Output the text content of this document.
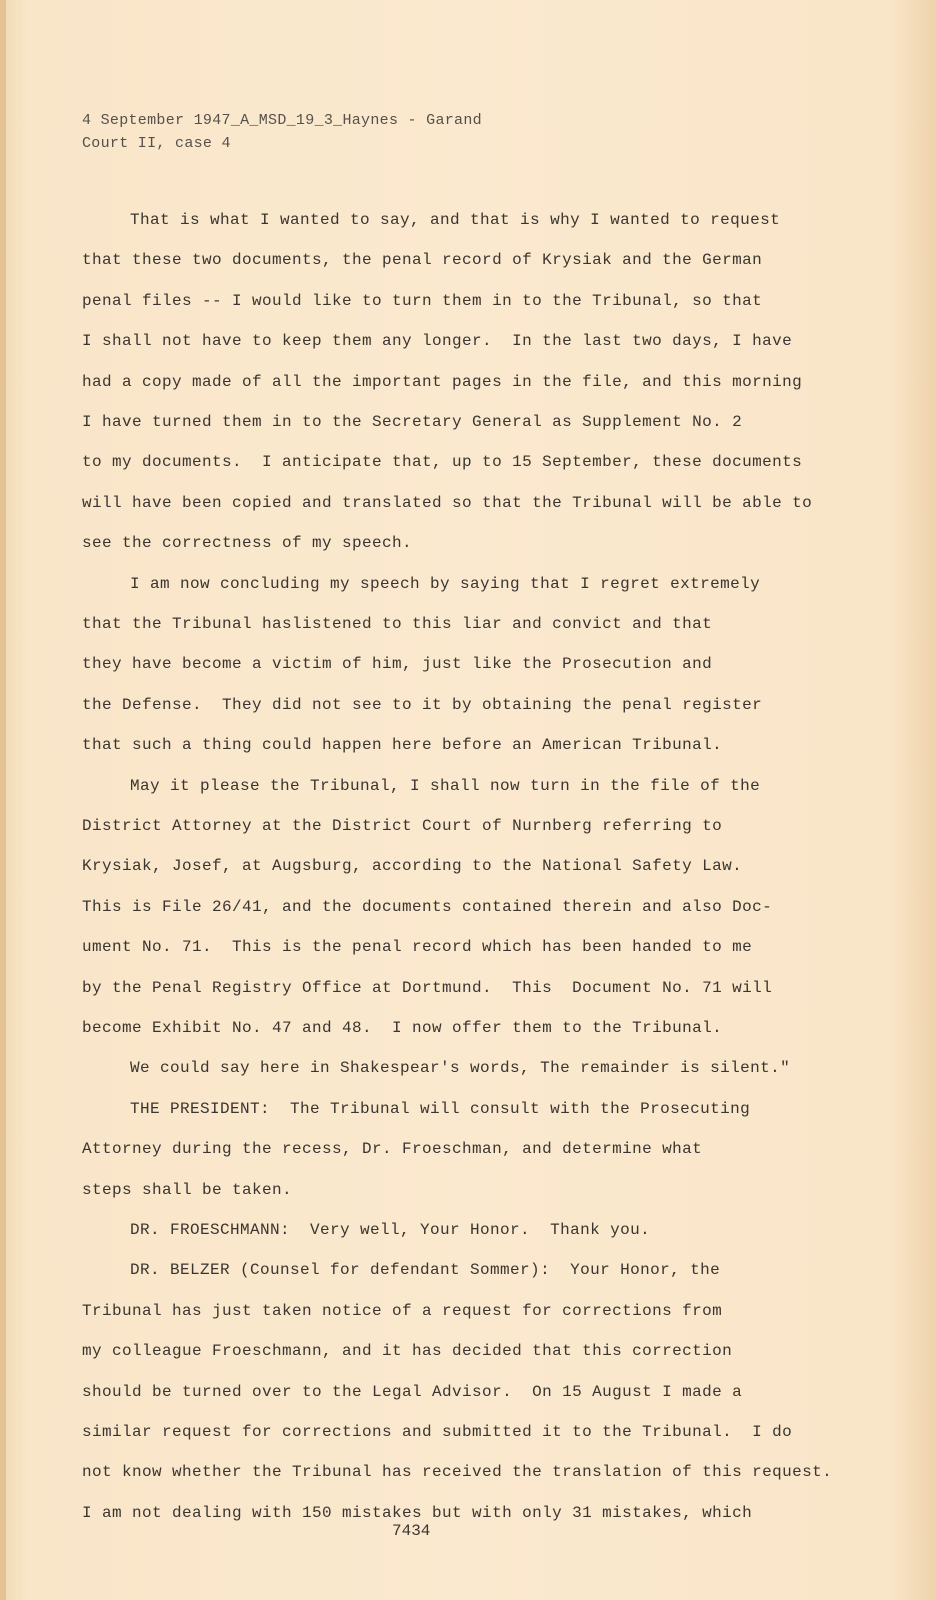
4 September 1947_A_MSD_19_3_Haynes - Garand
Court II, case 4
That is what I wanted to say, and that is why I wanted to request
that these two documents, the penal record of Krysiak and the German
penal files -- I would like to turn them in to the Tribunal, so that
I shall not have to keep them any longer.  In the last two days, I have
had a copy made of all the important pages in the file, and this morning
I have turned them in to the Secretary General as Supplement No. 2
to my documents.  I anticipate that, up to 15 September, these documents
will have been copied and translated so that the Tribunal will be able to
see the correctness of my speech.
I am now concluding my speech by saying that I regret extremely
that the Tribunal haslistened to this liar and convict and that
they have become a victim of him, just like the Prosecution and
the Defense.  They did not see to it by obtaining the penal register
that such a thing could happen here before an American Tribunal.
May it please the Tribunal, I shall now turn in the file of the
District Attorney at the District Court of Nurnberg referring to
Krysiak, Josef, at Augsburg, according to the National Safety Law.
This is File 26/41, and the documents contained therein and also Doc-
ument No. 71.  This is the penal record which has been handed to me
by the Penal Registry Office at Dortmund.  This  Document No. 71 will
become Exhibit No. 47 and 48.  I now offer them to the Tribunal.
We could say here in Shakespear's words, The remainder is silent."
THE PRESIDENT:  The Tribunal will consult with the Prosecuting
Attorney during the recess, Dr. Froeschman, and determine what
steps shall be taken.
DR. FROESCHMANN:  Very well, Your Honor.  Thank you.
DR. BELZER (Counsel for defendant Sommer):  Your Honor, the
Tribunal has just taken notice of a request for corrections from
my colleague Froeschmann, and it has decided that this correction
should be turned over to the Legal Advisor.  On 15 August I made a
similar request for corrections and submitted it to the Tribunal.  I do
not know whether the Tribunal has received the translation of this request.
I am not dealing with 150 mistakes but with only 31 mistakes, which
7434
